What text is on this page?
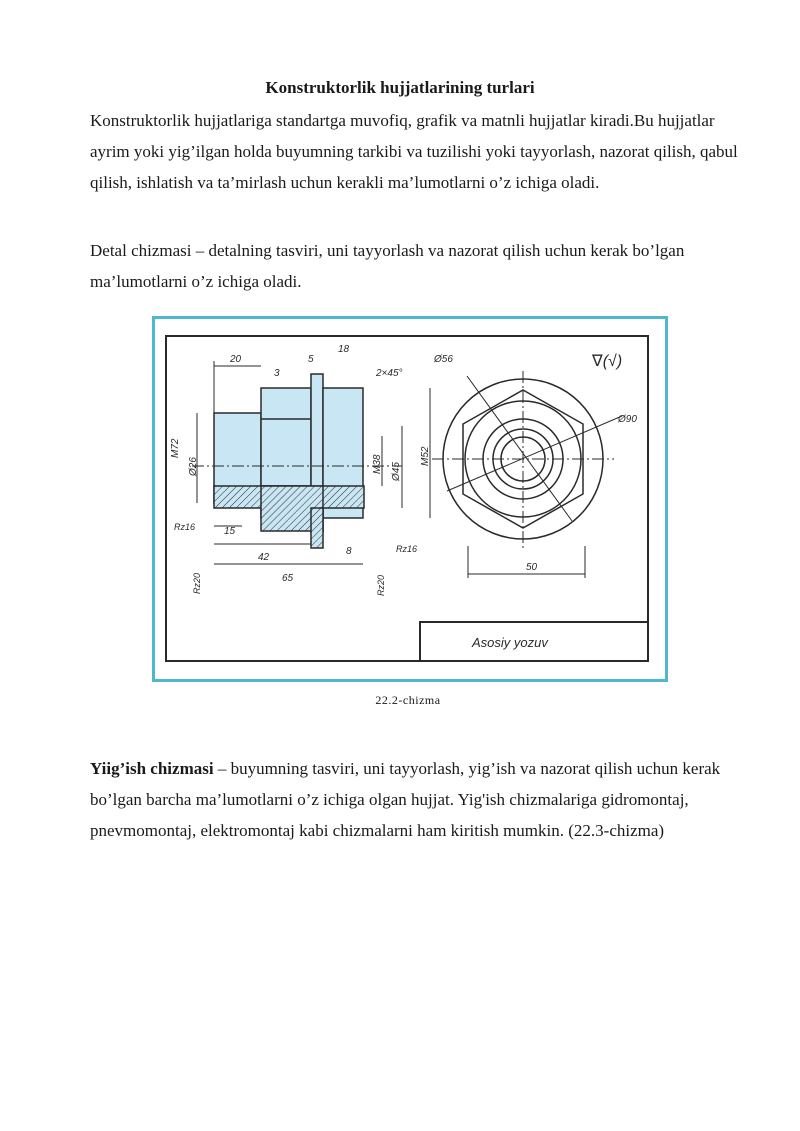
Konstruktorlik hujjatlarining turlari
Konstruktorlik hujjatlariga standartga muvofiq, grafik va matnli hujjatlar kiradi.Bu hujjatlar ayrim yoki yig’ilgan holda buyumning tarkibi va tuzilishi yoki tayyorlash, nazorat qilish, qabul qilish, ishlatish va ta’mirlash uchun kerakli ma’lumotlarni o’z ichiga oladi.
Detal chizmasi – detalning tasviri, uni tayyorlash va nazorat qilish uchun kerak bo’lgan ma’lumotlarni o’z ichiga oladi.
Asosiy yozuv
∇(√)
20
3
5
18
2×45°
M72
Ø26	M38 Ø45
M52
Ø56
Ø90
15
42
65
8
50
Rz16
Rz16
Rz20	Rz20
22.2-chizma
Yiig’ish chizmasi – buyumning tasviri, uni tayyorlash, yig’ish va nazorat qilish uchun kerak bo’lgan barcha ma’lumotlarni o’z ichiga olgan hujjat. Yig'ish chizmalariga gidromontaj, pnevmomontaj, elektromontaj kabi chizmalarni ham kiritish mumkin. (22.3-chizma)
